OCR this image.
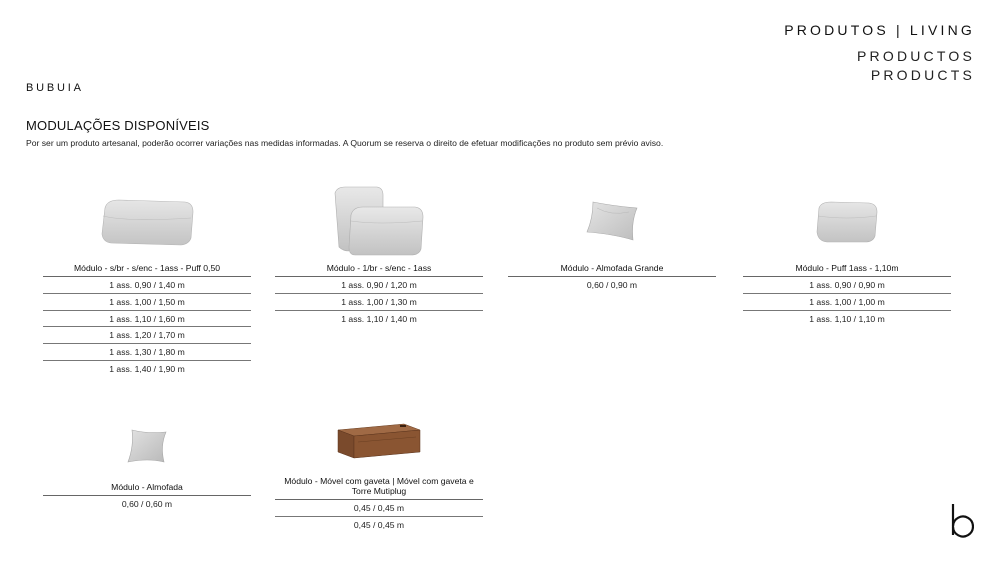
PRODUTOS | LIVING
PRODUCTOS
PRODUCTS
BUBUIA
MODULAÇÕES DISPONÍVEIS
Por ser um produto artesanal, poderão ocorrer variações nas medidas informadas. A Quorum se reserva o direito de efetuar modificações no produto sem prévio aviso.
Módulo - s/br - s/enc - 1ass - Puff 0,50
1 ass. 0,90 / 1,40 m
1 ass. 1,00 / 1,50 m
1 ass. 1,10 / 1,60 m
1 ass. 1,20 / 1,70 m
1 ass. 1,30 / 1,80 m
1 ass. 1,40 / 1,90 m
Módulo - 1/br - s/enc - 1ass
1 ass. 0,90 / 1,20 m
1 ass. 1,00 / 1,30 m
1 ass. 1,10 / 1,40 m
Módulo - Almofada Grande
0,60 / 0,90 m
Módulo - Puff 1ass - 1,10m
1 ass. 0,90 / 0,90 m
1 ass. 1,00 / 1,00 m
1 ass. 1,10 / 1,10 m
Módulo - Almofada
0,60 / 0,60 m
Módulo - Móvel com gaveta | Móvel com gaveta e Torre Mutiplug
0,45 / 0,45 m
0,45 / 0,45 m
